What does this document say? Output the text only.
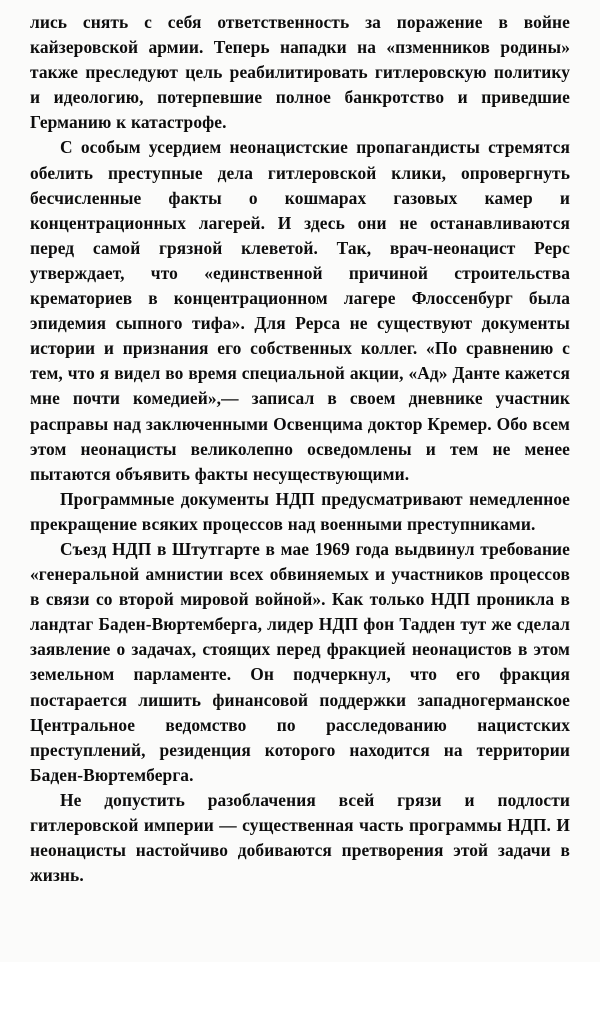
лись снять с себя ответственность за поражение в войне кайзеровской армии. Теперь нападки на «пзменников родины» также преследуют цель реабилитировать гитлеровскую политику и идеологию, потерпевшие полное банкротство и приведшие Германию к катастрофе.

С особым усердием неонацистские пропагандисты стремятся обелить преступные дела гитлеровской клики, опровергнуть бесчисленные факты о кошмарах газовых камер и концентрационных лагерей. И здесь они не останавливаются перед самой грязной клеветой. Так, врач-неонацист Рерс утверждает, что «единственной причиной строительства крематориев в концентрационном лагере Флоссенбург была эпидемия сыпного тифа». Для Рерса не существуют документы истории и признания его собственных коллег. «По сравнению с тем, что я видел во время специальной акции, «Ад» Данте кажется мне почти комедией»,— записал в своем дневнике участник расправы над заключенными Освенцима доктор Кремер. Обо всем этом неонацисты великолепно осведомлены и тем не менее пытаются объявить факты несуществующими.

Программные документы НДП предусматривают немедленное прекращение всяких процессов над военными преступниками.

Съезд НДП в Штутгарте в мае 1969 года выдвинул требование «генеральной амнистии всех обвиняемых и участников процессов в связи со второй мировой войной». Как только НДП проникла в ландтаг Баден-Вюртемберга, лидер НДП фон Тадден тут же сделал заявление о задачах, стоящих перед фракцией неонацистов в этом земельном парламенте. Он подчеркнул, что его фракция постарается лишить финансовой поддержки западногерманское Центральное ведомство по расследованию нацистских преступлений, резиденция которого находится на территории Баден-Вюртемберга.

Не допустить разоблачения всей грязи и подлости гитлеровской империи — существенная часть программы НДП. И неонацисты настойчиво добиваются претворения этой задачи в жизнь.
